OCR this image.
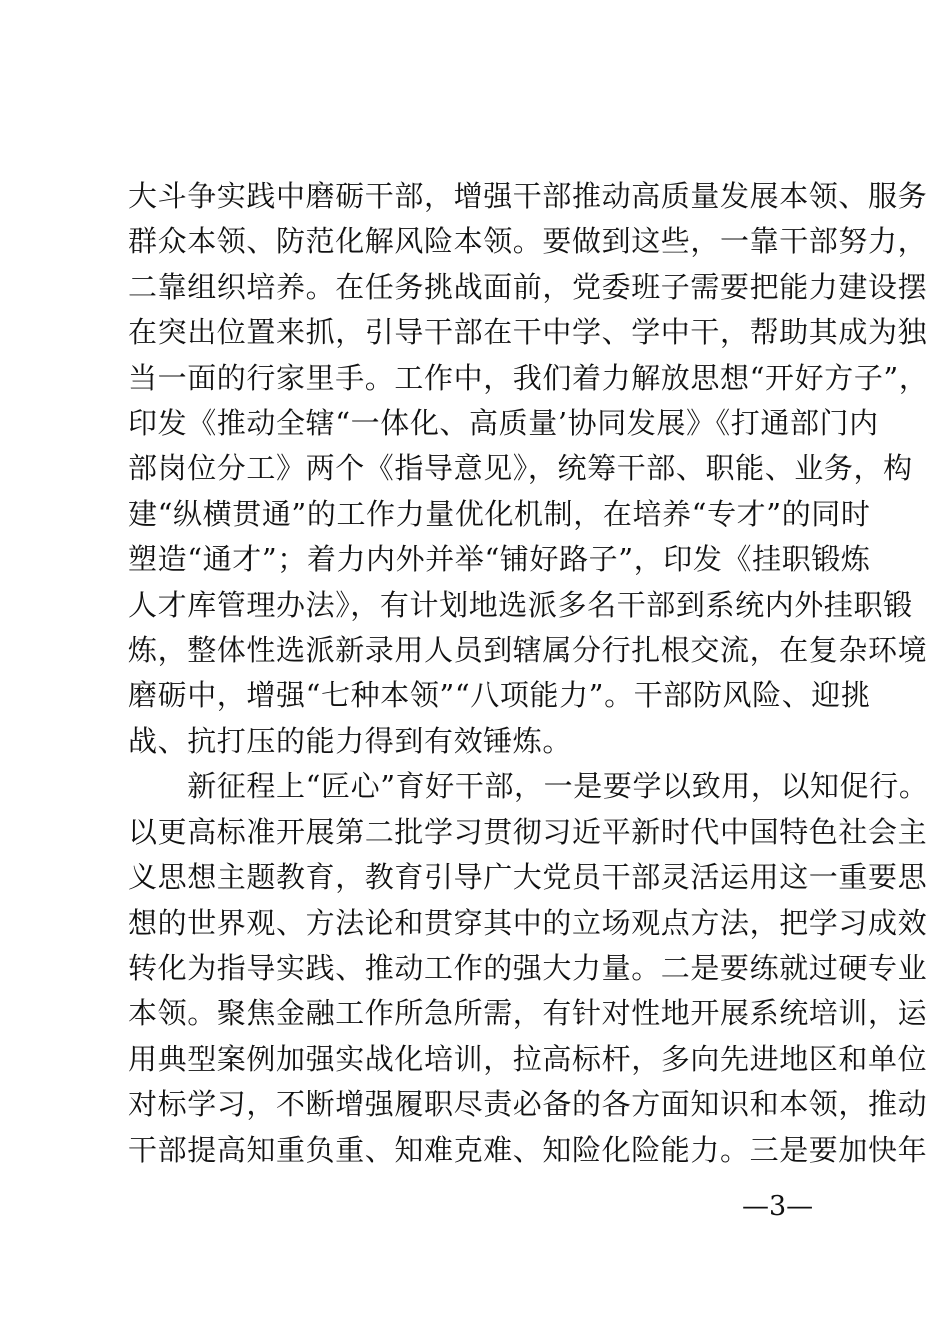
大斗争实践中磨砺干部，增强干部推动高质量发展本领、服务
群众本领、防范化解风险本领。要做到这些，一靠干部努力，
二靠组织培养。在任务挑战面前，党委班子需要把能力建设摆
在突出位置来抓，引导干部在干中学、学中干，帮助其成为独
当一面的行家里手。工作中，我们着力解放思想“开好方子”，
印发《推动全辖“一体化、高质量’协同发展》《打通部门内
部岗位分工》两个《指导意见》，统筹干部、职能、业务，构
建“纵横贯通”的工作力量优化机制，在培养“专才”的同时
塑造“通才”；着力内外并举“铺好路子”，印发《挂职锻炼
人才库管理办法》，有计划地选派多名干部到系统内外挂职锻
炼，整体性选派新录用人员到辖属分行扎根交流，在复杂环境
磨砺中，增强“七种本领”“八项能力”。干部防风险、迎挑
战、抗打压的能力得到有效锤炼。

　　新征程上“匠心”育好干部，一是要学以致用，以知促行。
以更高标准开展第二批学习贯彻习近平新时代中国特色社会主
义思想主题教育，教育引导广大党员干部灵活运用这一重要思
想的世界观、方法论和贯穿其中的立场观点方法，把学习成效
转化为指导实践、推动工作的强大力量。二是要练就过硬专业
本领。聚焦金融工作所急所需，有针对性地开展系统培训，运
用典型案例加强实战化培训，拉高标杆，多向先进地区和单位
对标学习，不断增强履职尽责必备的各方面知识和本领，推动
干部提高知重负重、知难克难、知险化险能力。三是要加快年

—3—
